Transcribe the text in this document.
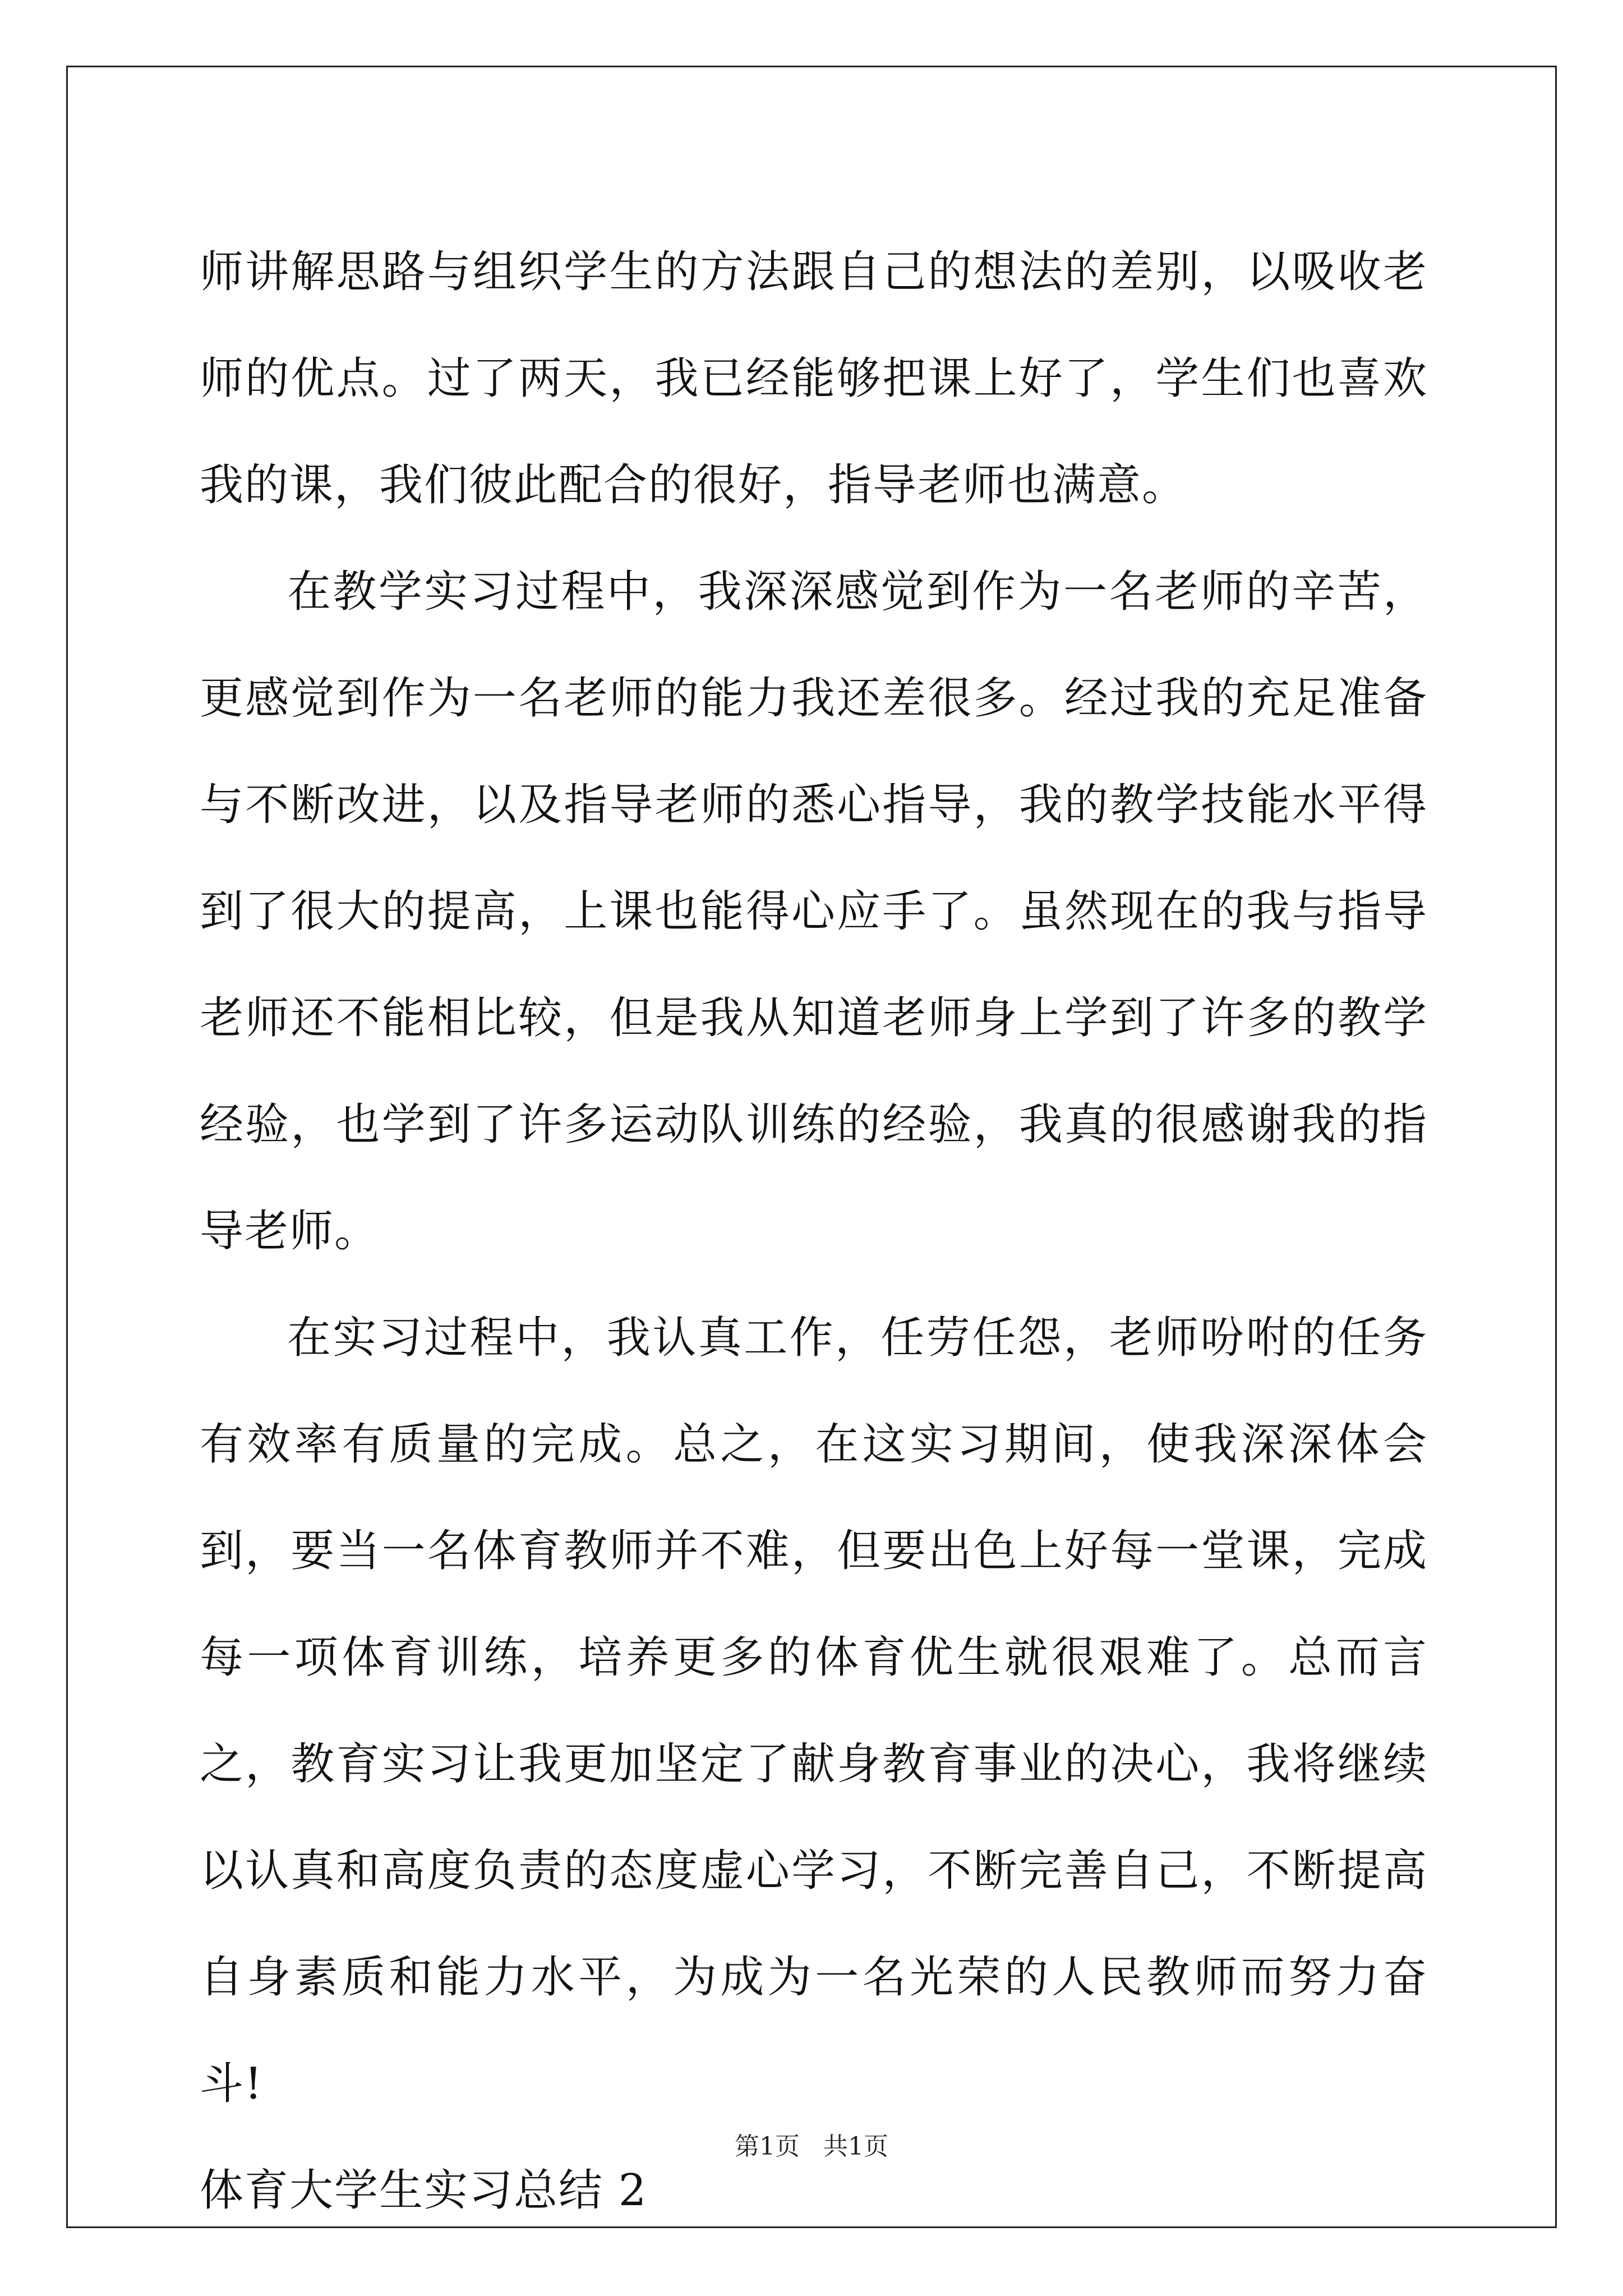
师讲解思路与组织学生的方法跟自己的想法的差别，以吸收老师的优点。过了两天，我已经能够把课上好了，学生们也喜欢我的课，我们彼此配合的很好，指导老师也满意。

在教学实习过程中，我深深感觉到作为一名老师的辛苦，更感觉到作为一名老师的能力我还差很多。经过我的充足准备与不断改进，以及指导老师的悉心指导，我的教学技能水平得到了很大的提高，上课也能得心应手了。虽然现在的我与指导老师还不能相比较，但是我从知道老师身上学到了许多的教学经验，也学到了许多运动队训练的经验，我真的很感谢我的指导老师。

在实习过程中，我认真工作，任劳任怨，老师吩咐的任务有效率有质量的完成。总之，在这实习期间，使我深深体会到，要当一名体育教师并不难，但要出色上好每一堂课，完成每一项体育训练，培养更多的体育优生就很艰难了。总而言之，教育实习让我更加坚定了献身教育事业的决心，我将继续以认真和高度负责的态度虚心学习，不断完善自己，不断提高自身素质和能力水平，为成为一名光荣的人民教师而努力奋斗!

体育大学生实习总结 2

第1页   共1页
